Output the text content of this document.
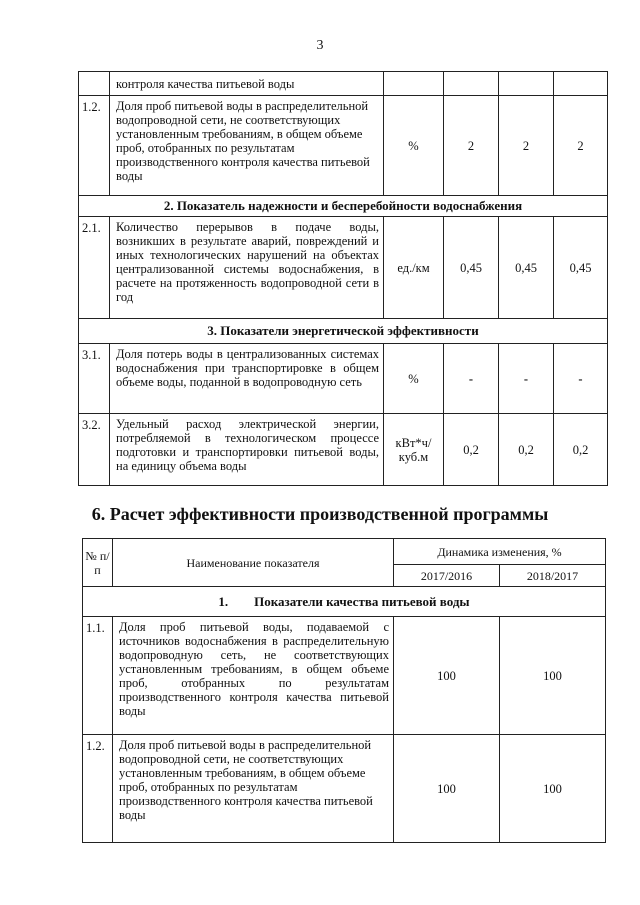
3
	контроля качества питьевой воды				
1.2.	Доля проб питьевой воды в распределительной водопроводной сети, не соответствующих установленным требованиям, в общем объеме проб, отобранных по результатам производственного контроля качества питьевой воды	%	2	2	2
2. Показатель надежности и бесперебойности водоснабжения					
2.1.	Количество перерывов в подаче воды, возникших в результате аварий, повреждений и иных технологических нарушений на объектах централизованной системы водоснабжения, в расчете на протяженность водопроводной сети в год	ед./км	0,45	0,45	0,45
3. Показатели энергетической эффективности					
3.1.	Доля потерь воды в централизованных системах водоснабжения при транспортировке в общем объеме воды, поданной в водопроводную сеть	%	-	-	-
3.2.	Удельный расход электрической энергии, потребляемой в технологическом процессе подготовки и транспортировки питьевой воды, на единицу объема воды	кВт*ч/ куб.м	0,2	0,2	0,2
6. Расчет эффективности производственной программы
№ п/п	Наименование показателя	Динамика изменения, %	
		2017/2016	2018/2017
1. Показатели качества питьевой воды			
1.1.	Доля проб питьевой воды, подаваемой с источников водоснабжения в распределительную водопроводную сеть, не соответствующих установленным требованиям, в общем объеме проб, отобранных по результатам производственного контроля качества питьевой воды	100	100
1.2.	Доля проб питьевой воды в распределительной водопроводной сети, не соответствующих установленным требованиям, в общем объеме проб, отобранных по результатам производственного контроля качества питьевой воды	100	100
